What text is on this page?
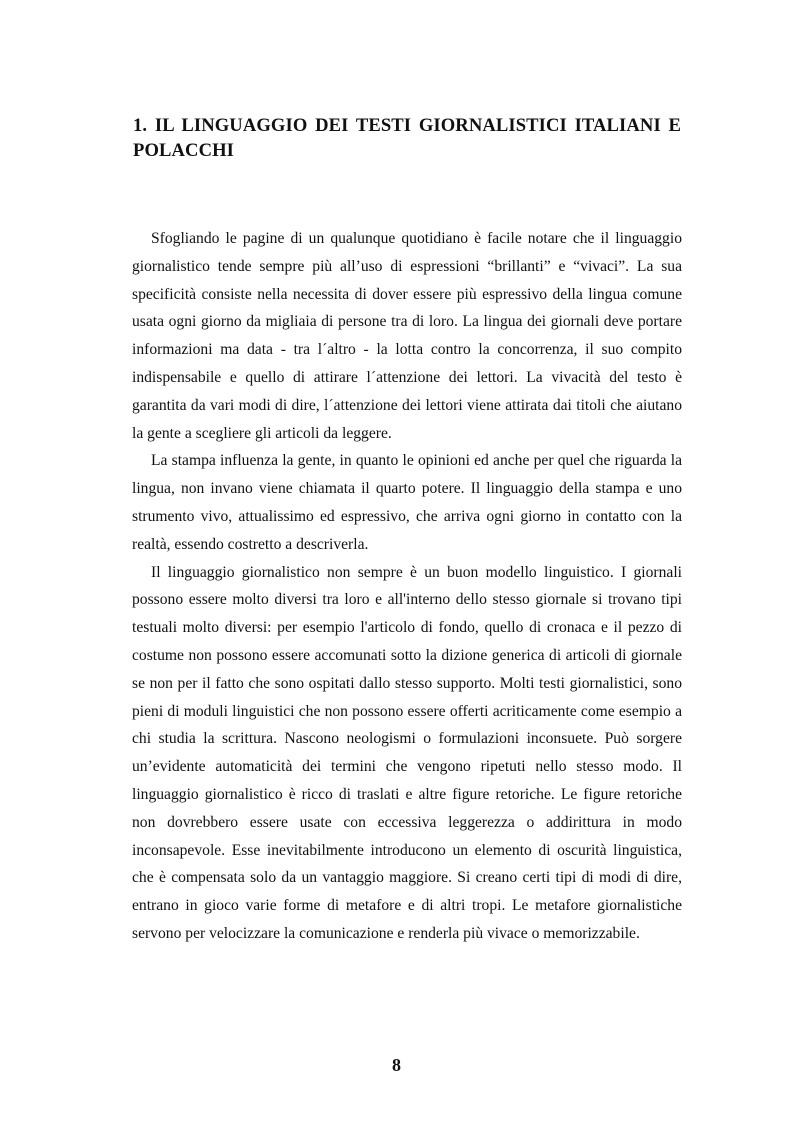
1. IL LINGUAGGIO DEI TESTI GIORNALISTICI ITALIANI E POLACCHI

Sfogliando le pagine di un qualunque quotidiano è facile notare che il linguaggio giornalistico tende sempre più all’uso di espressioni “brillanti” e “vivaci”. La sua specificità consiste nella necessita di dover essere più espressivo della lingua comune usata ogni giorno da migliaia di persone tra di loro. La lingua dei giornali deve portare informazioni ma data - tra l´altro - la lotta contro la concorrenza, il suo compito indispensabile e quello di attirare l´attenzione dei lettori. La vivacità del testo è garantita da vari modi di dire, l´attenzione dei lettori viene attirata dai titoli che aiutano la gente a scegliere gli articoli da leggere.

La stampa influenza la gente, in quanto le opinioni ed anche per quel che riguarda la lingua, non invano viene chiamata il quarto potere. Il linguaggio della stampa e uno strumento vivo, attualissimo ed espressivo, che arriva ogni giorno in contatto con la realtà, essendo costretto a descriverla.

Il linguaggio giornalistico non sempre è un buon modello linguistico. I giornali possono essere molto diversi tra loro e all'interno dello stesso giornale si trovano tipi testuali molto diversi: per esempio l'articolo di fondo, quello di cronaca e il pezzo di costume non possono essere accomunati sotto la dizione generica di articoli di giornale se non per il fatto che sono ospitati dallo stesso supporto. Molti testi giornalistici, sono pieni di moduli linguistici che non possono essere offerti acriticamente come esempio a chi studia la scrittura. Nascono neologismi o formulazioni inconsuete. Può sorgere un’evidente automaticità dei termini che vengono ripetuti nello stesso modo. Il linguaggio giornalistico è ricco di traslati e altre figure retoriche. Le figure retoriche non dovrebbero essere usate con eccessiva leggerezza o addirittura in modo inconsapevole. Esse inevitabilmente introducono un elemento di oscurità linguistica, che è compensata solo da un vantaggio maggiore. Si creano certi tipi di modi di dire, entrano in gioco varie forme di metafore e di altri tropi. Le metafore giornalistiche servono per velocizzare la comunicazione e renderla più vivace o memorizzabile.

8
